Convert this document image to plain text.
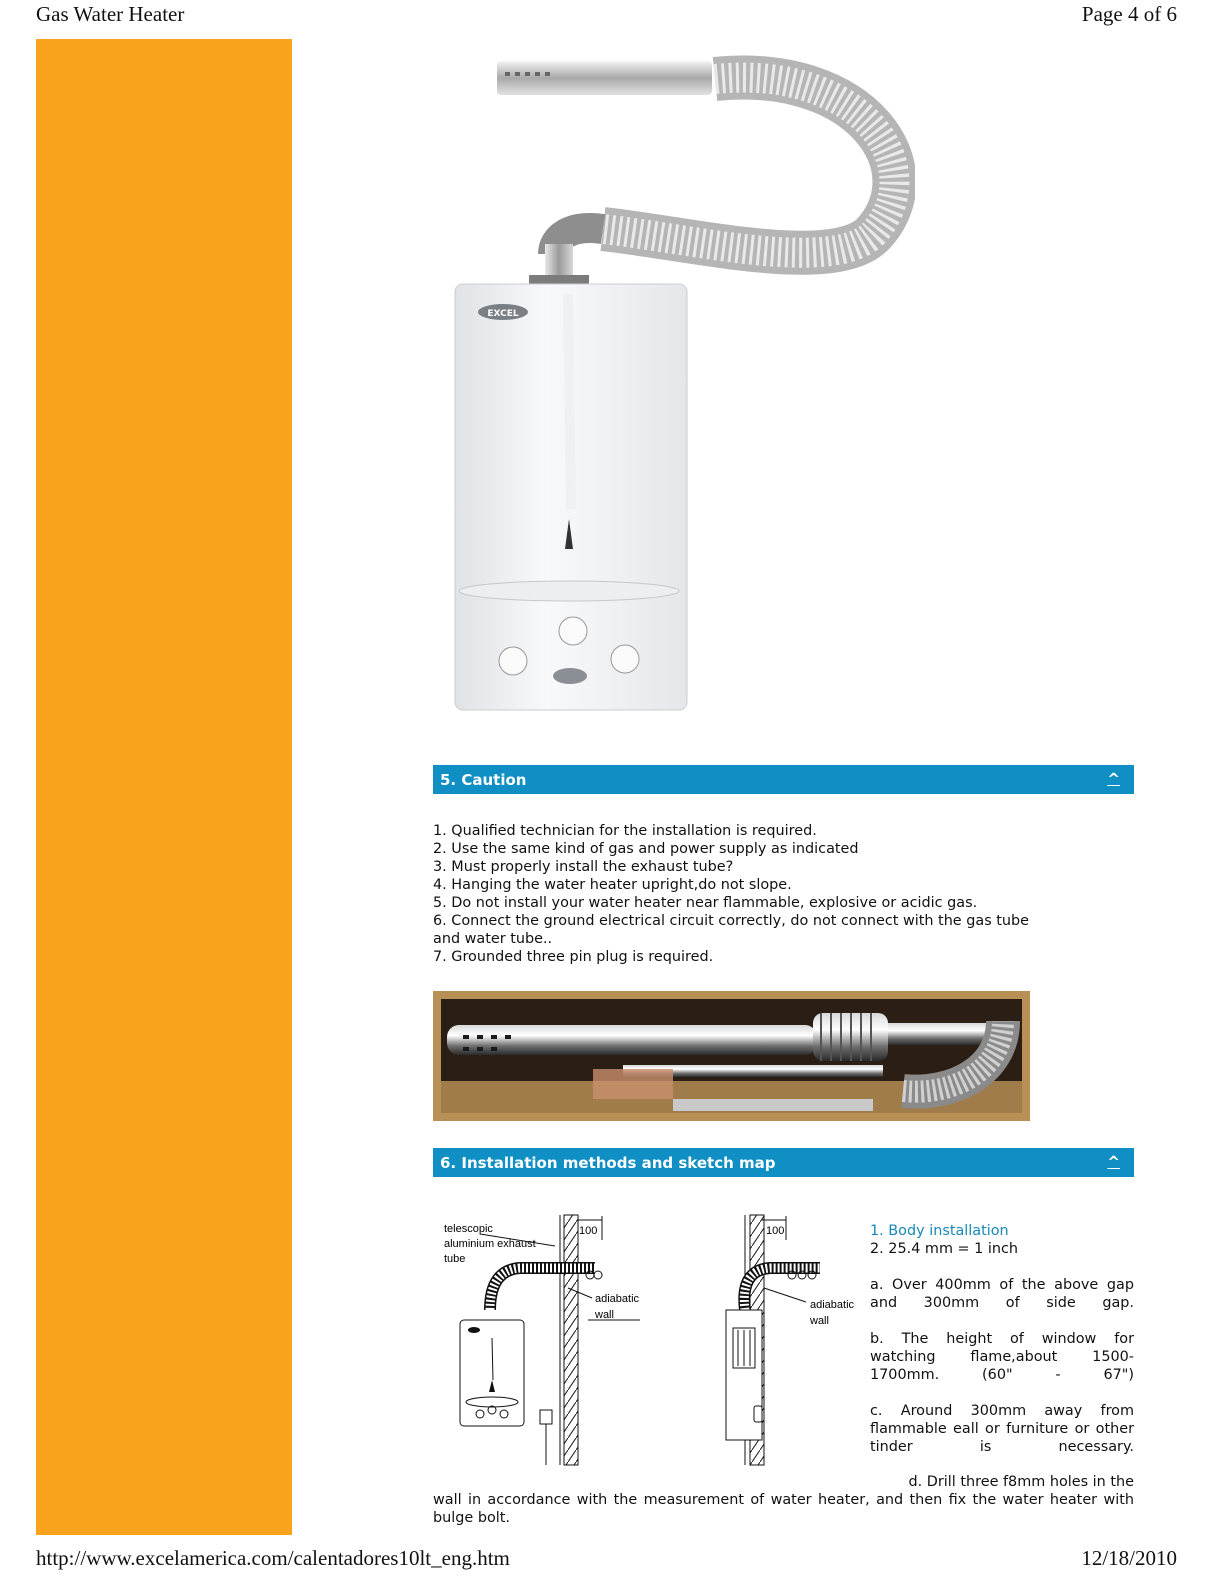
Gas Water Heater	Page 4 of 6
EXCEL
5. Caution	^
1. Qualified technician for the installation is required.
2. Use the same kind of gas and power supply as indicated
3. Must properly install the exhaust tube?
4. Hanging the water heater upright,do not slope.
5. Do not install your water heater near flammable, explosive or acidic gas.
6. Connect the ground electrical circuit correctly, do not connect with the gas tube
and water tube..
7. Grounded three pin plug is required.
6. Installation methods and sketch map	^
telescopic
aluminium exhaust
tube
100
adiabatic
wall
100
adiabatic
wall

1. Body installation

2. 25.4 mm = 1 inch

a. Over 400mm of the above gap and 300mm of side gap.

b. The height of window for watching flame,about 1500-1700mm. (60" - 67")

c. Around 300mm away from flammable eall or furniture or other tinder is necessary.

d. Drill three f8mm holes in the
wall in accordance with the measurement of water heater, and then fix the water heater with bulge bolt.
http://www.excelamerica.com/calentadores10lt_eng.htm	12/18/2010
